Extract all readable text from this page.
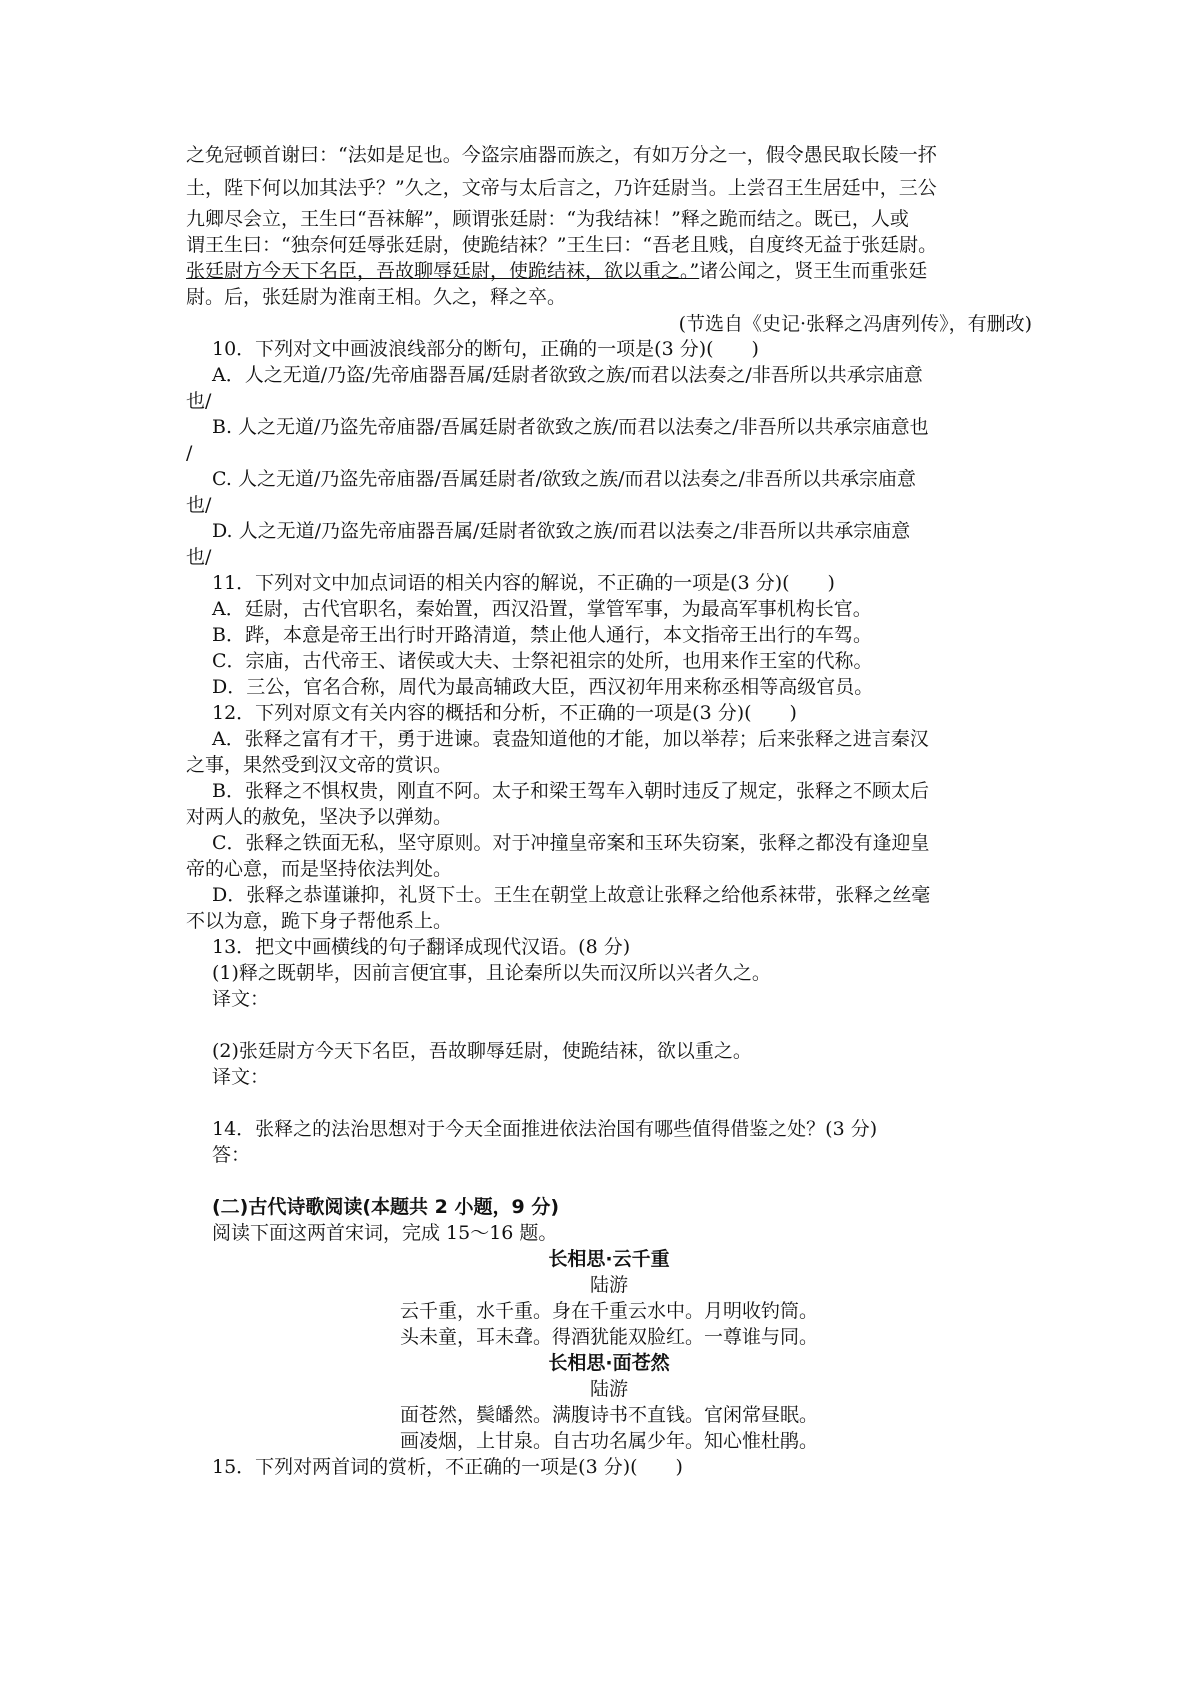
之免冠顿首谢曰：“法如是足也。今盗宗庙器而族之，有如万分之一，假令愚民取长陵一抔
土，陛下何以加其法乎？”久之，文帝与太后言之，乃许廷尉当。上尝召王生居廷中，三公
九卿尽会立，王生曰“吾袜解”，顾谓张廷尉：“为我结袜！”释之跪而结之。既已，人或
谓王生曰：“独奈何廷辱张廷尉，使跪结袜？”王生曰：“吾老且贱，自度终无益于张廷尉。
张廷尉方今天下名臣，吾故聊辱廷尉，使跪结袜，欲以重之。”诸公闻之，贤王生而重张廷
尉。后，张廷尉为淮南王相。久之，释之卒。
(节选自《史记·张释之冯唐列传》，有删改)
10．下列对文中画波浪线部分的断句，正确的一项是(3 分)(　　)
A．人之无道/乃盗/先帝庙器吾属/廷尉者欲致之族/而君以法奏之/非吾所以共承宗庙意
也/
B. 人之无道/乃盗先帝庙器/吾属廷尉者欲致之族/而君以法奏之/非吾所以共承宗庙意也
/
C. 人之无道/乃盗先帝庙器/吾属廷尉者/欲致之族/而君以法奏之/非吾所以共承宗庙意
也/
D. 人之无道/乃盗先帝庙器吾属/廷尉者欲致之族/而君以法奏之/非吾所以共承宗庙意
也/
11．下列对文中加点词语的相关内容的解说，不正确的一项是(3 分)(　　)
A．廷尉，古代官职名，秦始置，西汉沿置，掌管军事，为最高军事机构长官。
B．跸，本意是帝王出行时开路清道，禁止他人通行，本文指帝王出行的车驾。
C．宗庙，古代帝王、诸侯或大夫、士祭祀祖宗的处所，也用来作王室的代称。
D．三公，官名合称，周代为最高辅政大臣，西汉初年用来称丞相等高级官员。
12．下列对原文有关内容的概括和分析，不正确的一项是(3 分)(　　)
A．张释之富有才干，勇于进谏。袁盎知道他的才能，加以举荐；后来张释之进言秦汉
之事，果然受到汉文帝的赏识。
B．张释之不惧权贵，刚直不阿。太子和梁王驾车入朝时违反了规定，张释之不顾太后
对两人的赦免，坚决予以弹劾。
C．张释之铁面无私，坚守原则。对于冲撞皇帝案和玉环失窃案，张释之都没有逢迎皇
帝的心意，而是坚持依法判处。
D．张释之恭谨谦抑，礼贤下士。王生在朝堂上故意让张释之给他系袜带，张释之丝毫
不以为意，跪下身子帮他系上。
13．把文中画横线的句子翻译成现代汉语。(8 分)
(1)释之既朝毕，因前言便宜事，且论秦所以失而汉所以兴者久之。
译文：
(2)张廷尉方今天下名臣，吾故聊辱廷尉，使跪结袜，欲以重之。
译文：
14．张释之的法治思想对于今天全面推进依法治国有哪些值得借鉴之处？(3 分)
答：
(二)古代诗歌阅读(本题共 2 小题，9 分)
阅读下面这两首宋词，完成 15～16 题。
长相思·云千重
陆游
云千重，水千重。身在千重云水中。月明收钓筒。
头未童，耳未聋。得酒犹能双脸红。一尊谁与同。
长相思·面苍然
陆游
面苍然，鬓皤然。满腹诗书不直钱。官闲常昼眠。
画凌烟，上甘泉。自古功名属少年。知心惟杜鹃。
15．下列对两首词的赏析，不正确的一项是(3 分)(　　)
